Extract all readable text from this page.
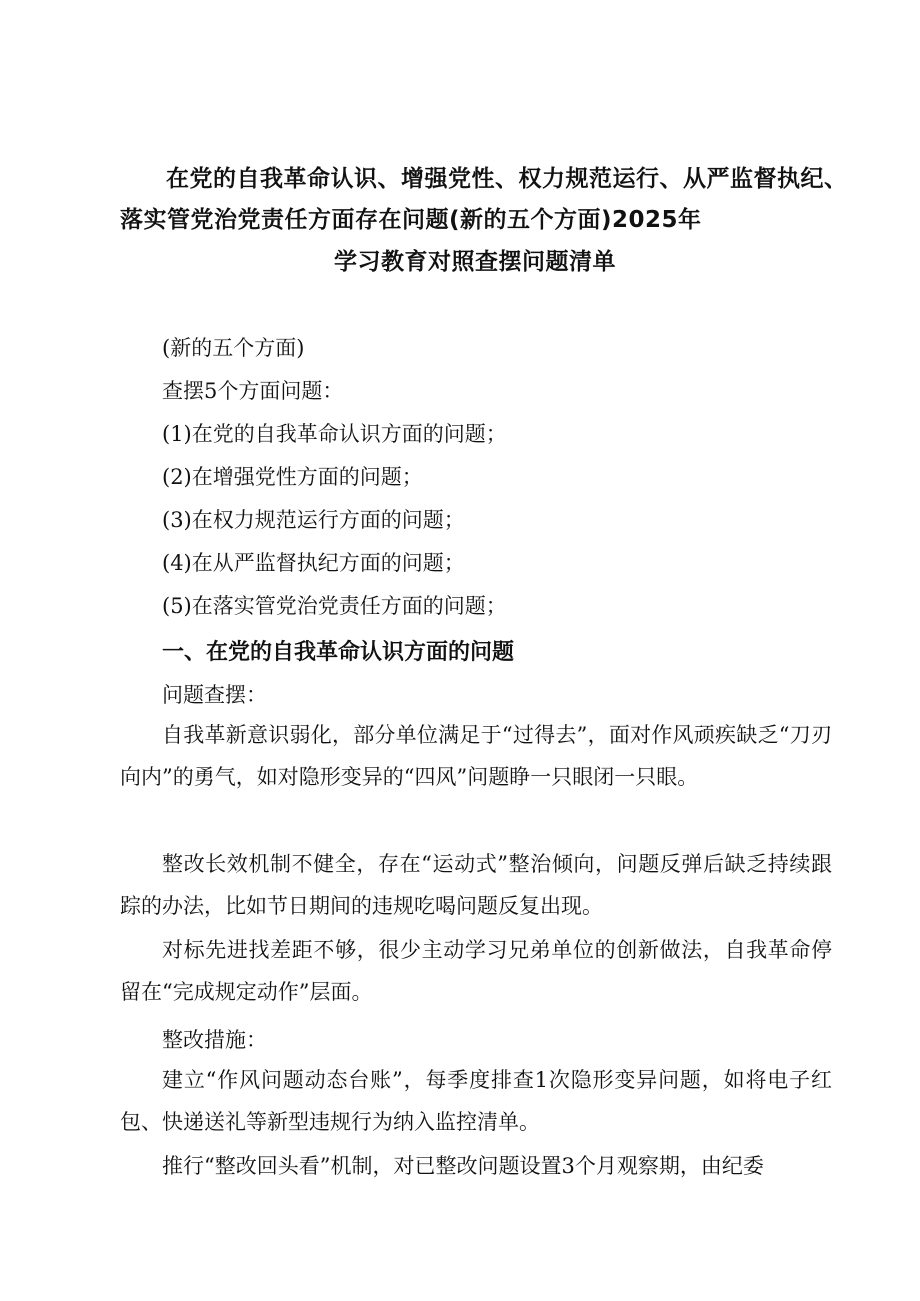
在党的自我革命认识、增强党性、权力规范运行、从严监督执纪、
落实管党治党责任方面存在问题(新的五个方面)2025年
学习教育对照查摆问题清单
(新的五个方面)
查摆5个方面问题：
(1)在党的自我革命认识方面的问题；
(2)在增强党性方面的问题；
(3)在权力规范运行方面的问题；
(4)在从严监督执纪方面的问题；
(5)在落实管党治党责任方面的问题；
一、在党的自我革命认识方面的问题
问题查摆：
自我革新意识弱化，部分单位满足于“过得去”，面对作风顽疾缺乏“刀刃向内”的勇气，如对隐形变异的“四风”问题睁一只眼闭一只眼。
整改长效机制不健全，存在“运动式”整治倾向，问题反弹后缺乏持续跟踪的办法，比如节日期间的违规吃喝问题反复出现。
对标先进找差距不够，很少主动学习兄弟单位的创新做法，自我革命停留在“完成规定动作”层面。
整改措施：
建立“作风问题动态台账”，每季度排查1次隐形变异问题，如将电子红包、快递送礼等新型违规行为纳入监控清单。
推行“整改回头看”机制，对已整改问题设置3个月观察期，由纪委
